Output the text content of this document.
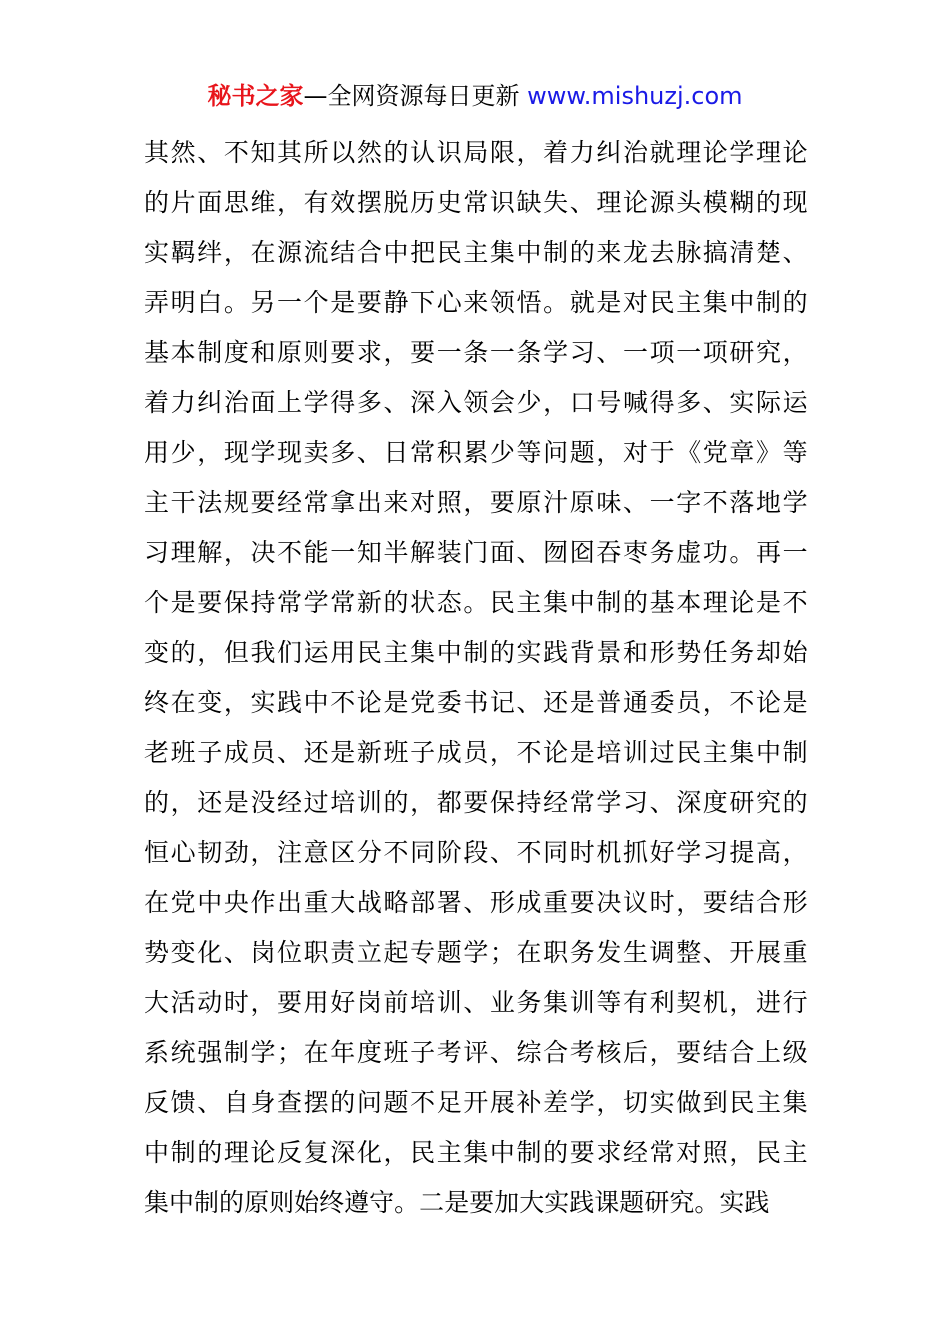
秘书之家—全网资源每日更新 www.mishuzj.com
其 然 、 不 知 其 所 以 然 的 认 识 局 限 ， 着 力 纠 治 就 理 论 学 理 论
的 片 面 思 维 ， 有 效 摆 脱 历 史 常 识 缺 失 、 理 论 源 头 模 糊 的 现
实 羁 绊 ， 在 源 流 结 合 中 把 民 主 集 中 制 的 来 龙 去 脉 搞 清 楚 、
弄 明 白 。 另 一 个 是 要 静 下 心 来 领 悟 。 就 是 对 民 主 集 中 制 的
基 本 制 度 和 原 则 要 求 ， 要 一 条 一 条 学 习 、 一 项 一 项 研 究 ，
着 力 纠 治 面 上 学 得 多 、 深 入 领 会 少 ， 口 号 喊 得 多 、 实 际 运
用 少 ， 现 学 现 卖 多 、 日 常 积 累 少 等 问 题 ， 对 于 《 党 章 》 等
主 干 法 规 要 经 常 拿 出 来 对 照 ， 要 原 汁 原 味 、 一 字 不 落 地 学
习 理 解 ， 决 不 能 一 知 半 解 装 门 面 、 囫 囵 吞 枣 务 虚 功 。 再 一
个 是 要 保 持 常 学 常 新 的 状 态 。 民 主 集 中 制 的 基 本 理 论 是 不
变 的 ， 但 我 们 运 用 民 主 集 中 制 的 实 践 背 景 和 形 势 任 务 却 始
终 在 变 ， 实 践 中 不 论 是 党 委 书 记 、 还 是 普 通 委 员 ， 不 论 是
老 班 子 成 员 、 还 是 新 班 子 成 员 ， 不 论 是 培 训 过 民 主 集 中 制
的 ， 还 是 没 经 过 培 训 的 ， 都 要 保 持 经 常 学 习 、 深 度 研 究 的
恒 心 韧 劲 ， 注 意 区 分 不 同 阶 段 、 不 同 时 机 抓 好 学 习 提 高 ，
在 党 中 央 作 出 重 大 战 略 部 署 、 形 成 重 要 决 议 时 ， 要 结 合 形
势 变 化 、 岗 位 职 责 立 起 专 题 学 ； 在 职 务 发 生 调 整 、 开 展 重
大 活 动 时 ， 要 用 好 岗 前 培 训 、 业 务 集 训 等 有 利 契 机 ， 进 行
系 统 强 制 学 ； 在 年 度 班 子 考 评 、 综 合 考 核 后 ， 要 结 合 上 级
反 馈 、 自 身 查 摆 的 问 题 不 足 开 展 补 差 学 ， 切 实 做 到 民 主 集
中 制 的 理 论 反 复 深 化 ， 民 主 集 中 制 的 要 求 经 常 对 照 ， 民 主
集 中 制 的 原 则 始 终 遵 守 。 二 是 要 加 大 实 践 课 题 研 究 。 实 践
